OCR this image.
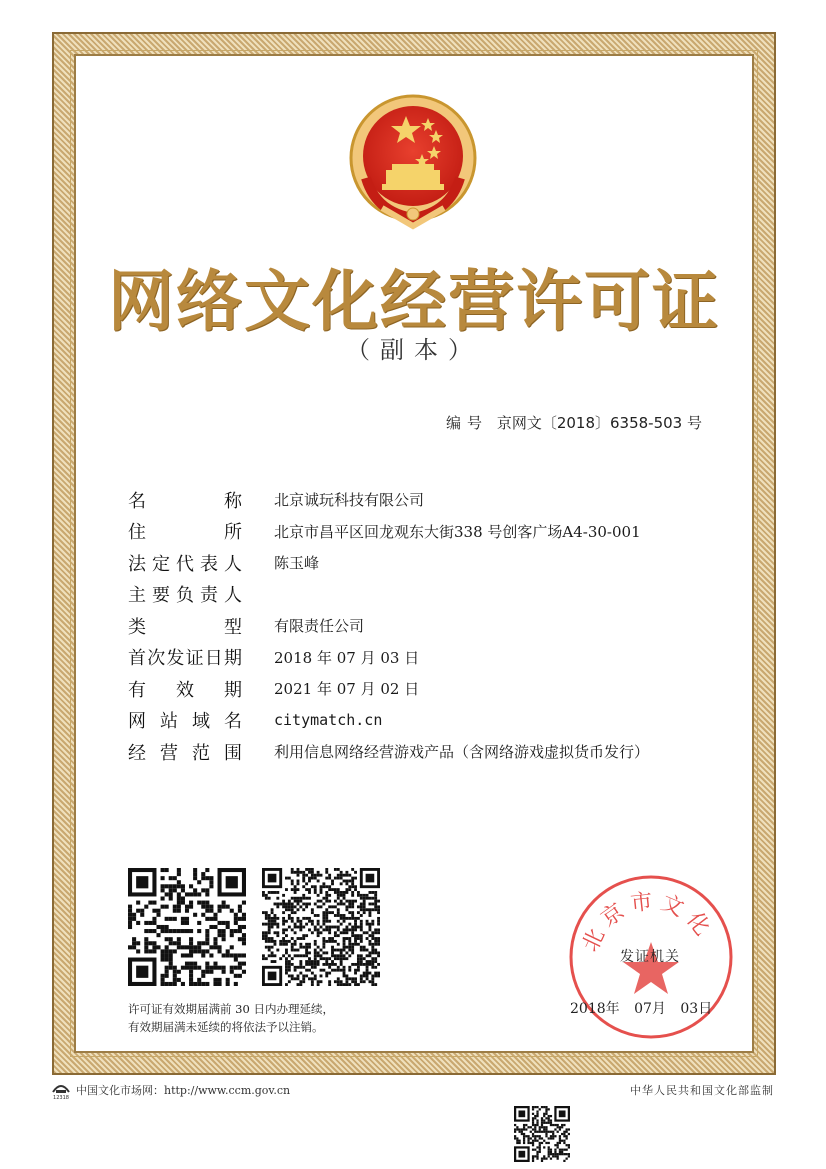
网络文化经营许可证
（副本）
编号 京网文〔2018〕6358-503 号
名	称 北京诚玩科技有限公司
住	所 北京市昌平区回龙观东大街338 号创客广场A4-30-001
法 定 代 表 人 陈玉峰
主 要 负 责 人
类	型 有限责任公司
首 次 发 证 日 期 2018 年 07 月 03 日
有 效 期 2021 年 07 月 02 日
网 站 域 名 citymatch.cn
经 营 范 围 利用信息网络经营游戏产品（含网络游戏虚拟货币发行）
许可证有效期届满前 30 日内办理延续，
有效期届满未延续的将依法予以注销。
北京市文化
发证机关
2018年 07月 03日
12318
中国文化市场网：http://www.ccm.gov.cn	中华人民共和国文化部监制
